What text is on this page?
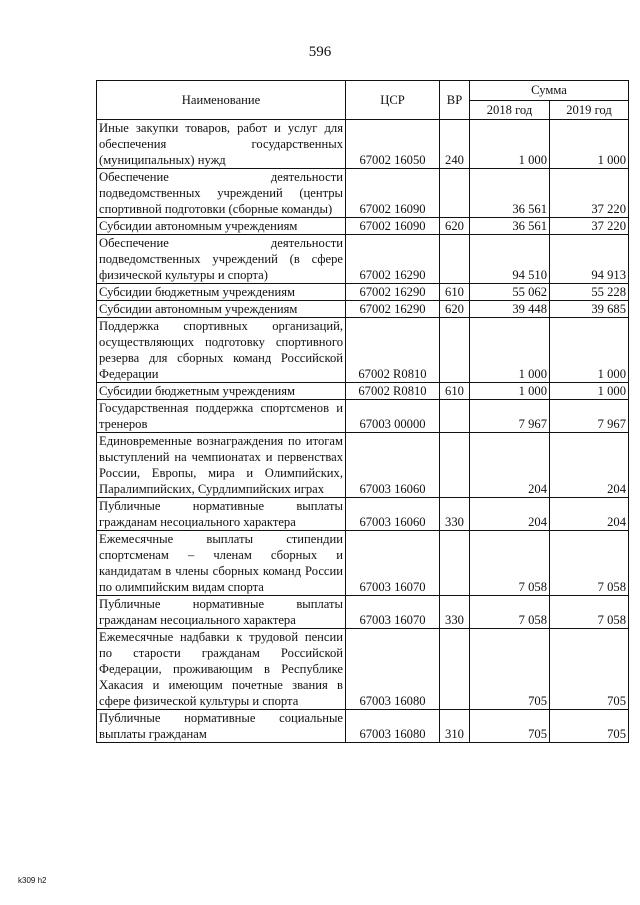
596
Наименование	ЦСР	ВР	Сумма	
			2018 год	2019 год
Иные закупки товаров, работ и услуг для обеспечения государственных (муниципальных) нужд	67002 16050	240	1 000	1 000
Обеспечение деятельности подведомственных учреждений (центры спортивной подготовки (сборные команды)	67002 16090		36 561	37 220
Субсидии автономным учреждениям	67002 16090	620	36 561	37 220
Обеспечение деятельности подведомственных учреждений (в сфере физической культуры и спорта)	67002 16290		94 510	94 913
Субсидии бюджетным учреждениям	67002 16290	610	55 062	55 228
Субсидии автономным учреждениям	67002 16290	620	39 448	39 685
Поддержка спортивных организаций, осуществляющих подготовку спортивного резерва для сборных команд Российской Федерации	67002 R0810		1 000	1 000
Субсидии бюджетным учреждениям	67002 R0810	610	1 000	1 000
Государственная поддержка спортсменов и тренеров	67003 00000		7 967	7 967
Единовременные вознаграждения по итогам выступлений на чемпионатах и первенствах России, Европы, мира и Олимпийских, Паралимпийских, Сурдлимпийских играх	67003 16060		204	204
Публичные нормативные выплаты гражданам несоциального характера	67003 16060	330	204	204
Ежемесячные выплаты стипендии спортсменам – членам сборных и кандидатам в члены сборных команд России по олимпийским видам спорта	67003 16070		7 058	7 058
Публичные нормативные выплаты гражданам несоциального характера	67003 16070	330	7 058	7 058
Ежемесячные надбавки к трудовой пенсии по старости гражданам Российской Федерации, проживающим в Республике Хакасия и имеющим почетные звания в сфере физической культуры и спорта	67003 16080		705	705
Публичные нормативные социальные выплаты гражданам	67003 16080	310	705	705
k309 h2
